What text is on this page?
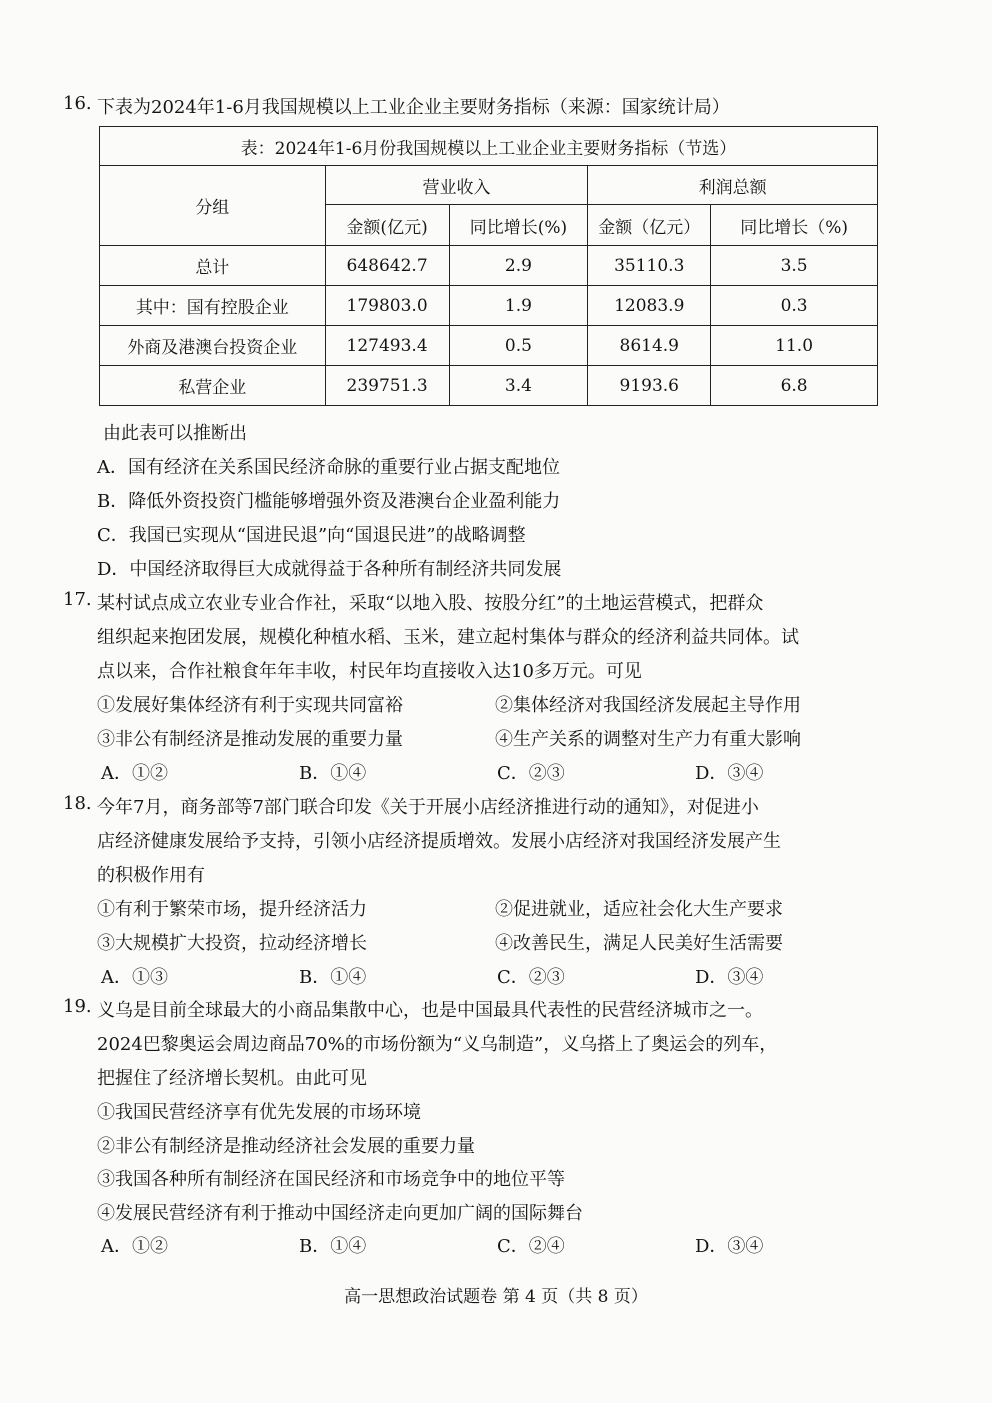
16. 下表为2024年1-6月我国规模以上工业企业主要财务指标（来源：国家统计局）
表：2024年1-6月份我国规模以上工业企业主要财务指标（节选）				
分组	营业收入		利润总额	
	金额(亿元)	同比增长(%)	金额（亿元）	同比增长（%)
总计	648642.7	2.9	35110.3	3.5
其中：国有控股企业	179803.0	1.9	12083.9	0.3
外商及港澳台投资企业	127493.4	0.5	8614.9	11.0
私营企业	239751.3	3.4	9193.6	6.8
由此表可以推断出
A．国有经济在关系国民经济命脉的重要行业占据支配地位
B．降低外资投资门槛能够增强外资及港澳台企业盈利能力
C．我国已实现从“国进民退”向“国退民进”的战略调整
D．中国经济取得巨大成就得益于各种所有制经济共同发展
17. 某村试点成立农业专业合作社，采取“以地入股、按股分红”的土地运营模式，把群众
组织起来抱团发展，规模化种植水稻、玉米，建立起村集体与群众的经济利益共同体。试
点以来，合作社粮食年年丰收，村民年均直接收入达10多万元。可见
①发展好集体经济有利于实现共同富裕	②集体经济对我国经济发展起主导作用
③非公有制经济是推动发展的重要力量	④生产关系的调整对生产力有重大影响
A．①②	B．①④	C．②③	D．③④
18. 今年7月，商务部等7部门联合印发《关于开展小店经济推进行动的通知》，对促进小
店经济健康发展给予支持，引领小店经济提质增效。发展小店经济对我国经济发展产生
的积极作用有
①有利于繁荣市场，提升经济活力	②促进就业，适应社会化大生产要求
③大规模扩大投资，拉动经济增长	④改善民生，满足人民美好生活需要
A．①③	B．①④	C．②③	D．③④
19. 义乌是目前全球最大的小商品集散中心，也是中国最具代表性的民营经济城市之一。
2024巴黎奥运会周边商品70%的市场份额为“义乌制造”，义乌搭上了奥运会的列车，
把握住了经济增长契机。由此可见
①我国民营经济享有优先发展的市场环境
②非公有制经济是推动经济社会发展的重要力量
③我国各种所有制经济在国民经济和市场竞争中的地位平等
④发展民营经济有利于推动中国经济走向更加广阔的国际舞台
A．①②	B．①④	C．②④	D．③④
高一思想政治试题卷 第 4 页（共 8 页）
